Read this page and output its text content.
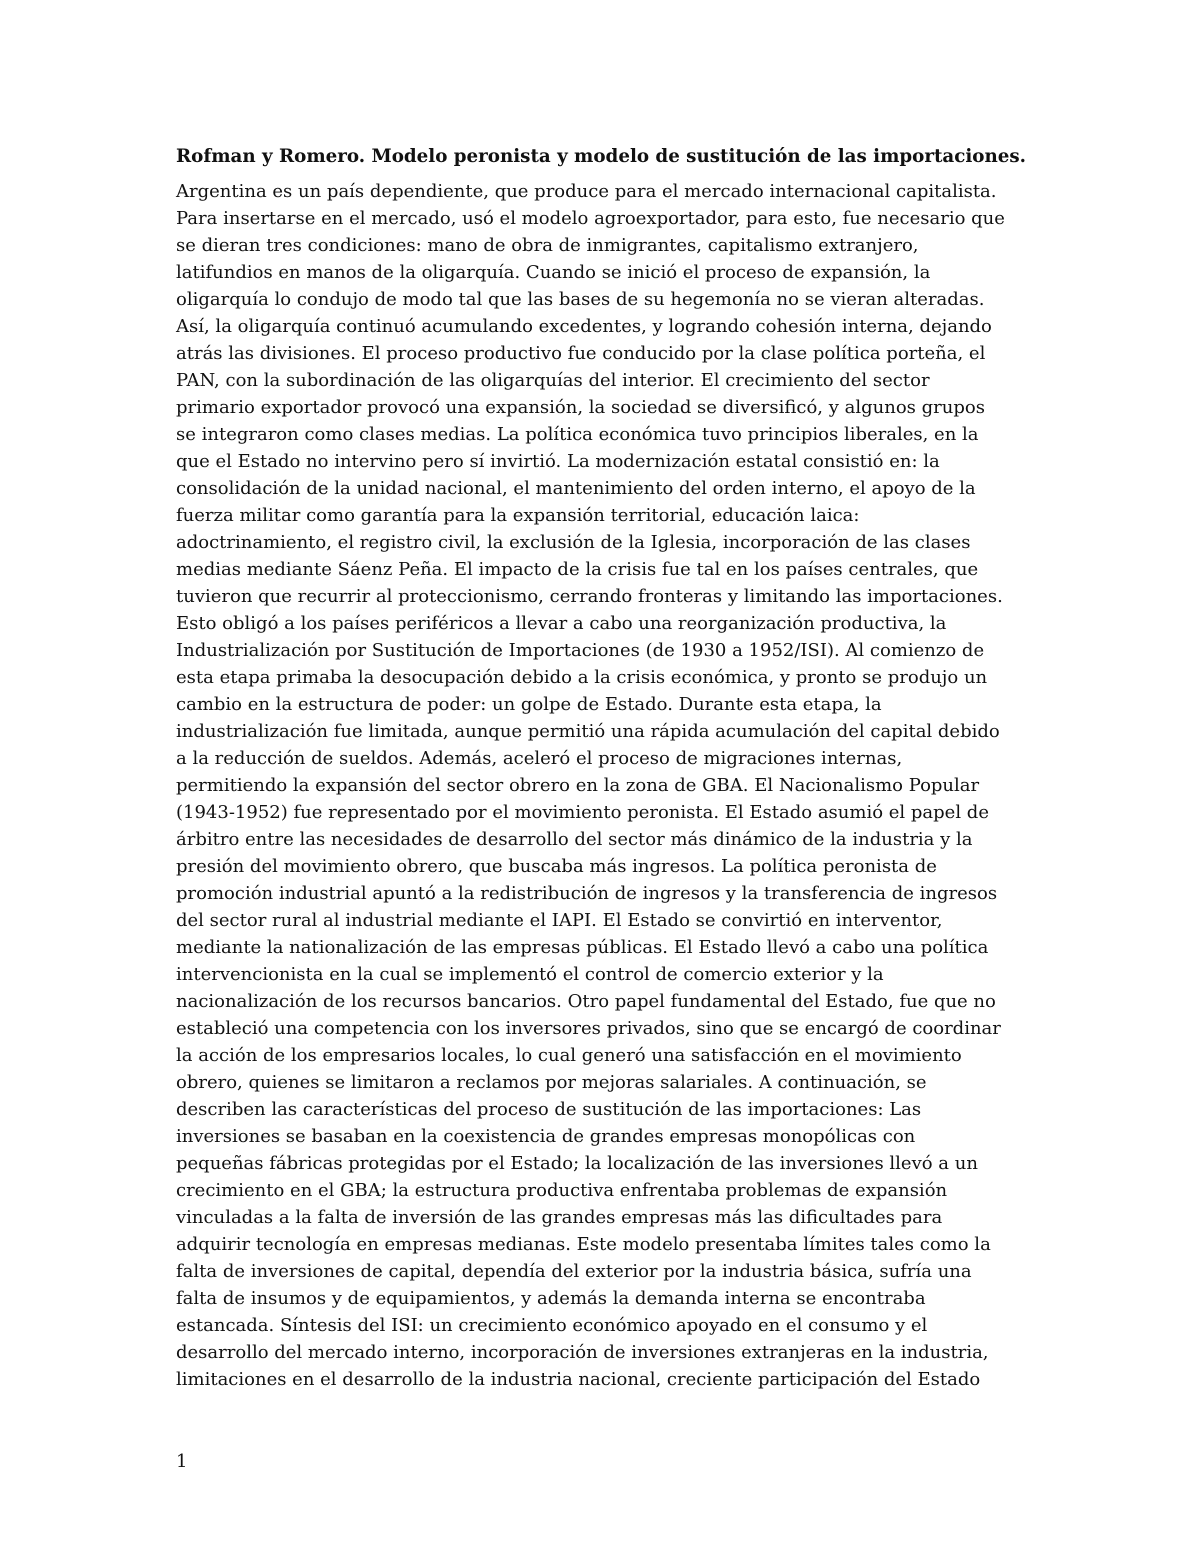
Rofman y Romero. Modelo peronista y modelo de sustitución de las importaciones.

Argentina es un país dependiente, que produce para el mercado internacional capitalista.
Para insertarse en el mercado, usó el modelo agroexportador, para esto, fue necesario que
se dieran tres condiciones: mano de obra de inmigrantes, capitalismo extranjero,
latifundios en manos de la oligarquía. Cuando se inició el proceso de expansión, la
oligarquía lo condujo de modo tal que las bases de su hegemonía no se vieran alteradas.
Así, la oligarquía continuó acumulando excedentes, y logrando cohesión interna, dejando
atrás las divisiones. El proceso productivo fue conducido por la clase política porteña, el
PAN, con la subordinación de las oligarquías del interior. El crecimiento del sector
primario exportador provocó una expansión, la sociedad se diversificó, y algunos grupos
se integraron como clases medias. La política económica tuvo principios liberales, en la
que el Estado no intervino pero sí invirtió. La modernización estatal consistió en: la
consolidación de la unidad nacional, el mantenimiento del orden interno, el apoyo de la
fuerza militar como garantía para la expansión territorial, educación laica:
adoctrinamiento, el registro civil, la exclusión de la Iglesia, incorporación de las clases
medias mediante Sáenz Peña. El impacto de la crisis fue tal en los países centrales, que
tuvieron que recurrir al proteccionismo, cerrando fronteras y limitando las importaciones.
Esto obligó a los países periféricos a llevar a cabo una reorganización productiva, la
Industrialización por Sustitución de Importaciones (de 1930 a 1952/ISI). Al comienzo de
esta etapa primaba la desocupación debido a la crisis económica, y pronto se produjo un
cambio en la estructura de poder: un golpe de Estado. Durante esta etapa, la
industrialización fue limitada, aunque permitió una rápida acumulación del capital debido
a la reducción de sueldos. Además, aceleró el proceso de migraciones internas,
permitiendo la expansión del sector obrero en la zona de GBA. El Nacionalismo Popular
(1943-1952) fue representado por el movimiento peronista. El Estado asumió el papel de
árbitro entre las necesidades de desarrollo del sector más dinámico de la industria y la
presión del movimiento obrero, que buscaba más ingresos. La política peronista de
promoción industrial apuntó a la redistribución de ingresos y la transferencia de ingresos
del sector rural al industrial mediante el IAPI. El Estado se convirtió en interventor,
mediante la nationalización de las empresas públicas. El Estado llevó a cabo una política
intervencionista en la cual se implementó el control de comercio exterior y la
nacionalización de los recursos bancarios. Otro papel fundamental del Estado, fue que no
estableció una competencia con los inversores privados, sino que se encargó de coordinar
la acción de los empresarios locales, lo cual generó una satisfacción en el movimiento
obrero, quienes se limitaron a reclamos por mejoras salariales. A continuación, se
describen las características del proceso de sustitución de las importaciones: Las
inversiones se basaban en la coexistencia de grandes empresas monopólicas con
pequeñas fábricas protegidas por el Estado; la localización de las inversiones llevó a un
crecimiento en el GBA; la estructura productiva enfrentaba problemas de expansión
vinculadas a la falta de inversión de las grandes empresas más las dificultades para
adquirir tecnología en empresas medianas. Este modelo presentaba límites tales como la
falta de inversiones de capital, dependía del exterior por la industria básica, sufría una
falta de insumos y de equipamientos, y además la demanda interna se encontraba
estancada. Síntesis del ISI: un crecimiento económico apoyado en el consumo y el
desarrollo del mercado interno, incorporación de inversiones extranjeras en la industria,
limitaciones en el desarrollo de la industria nacional, creciente participación del Estado

1
